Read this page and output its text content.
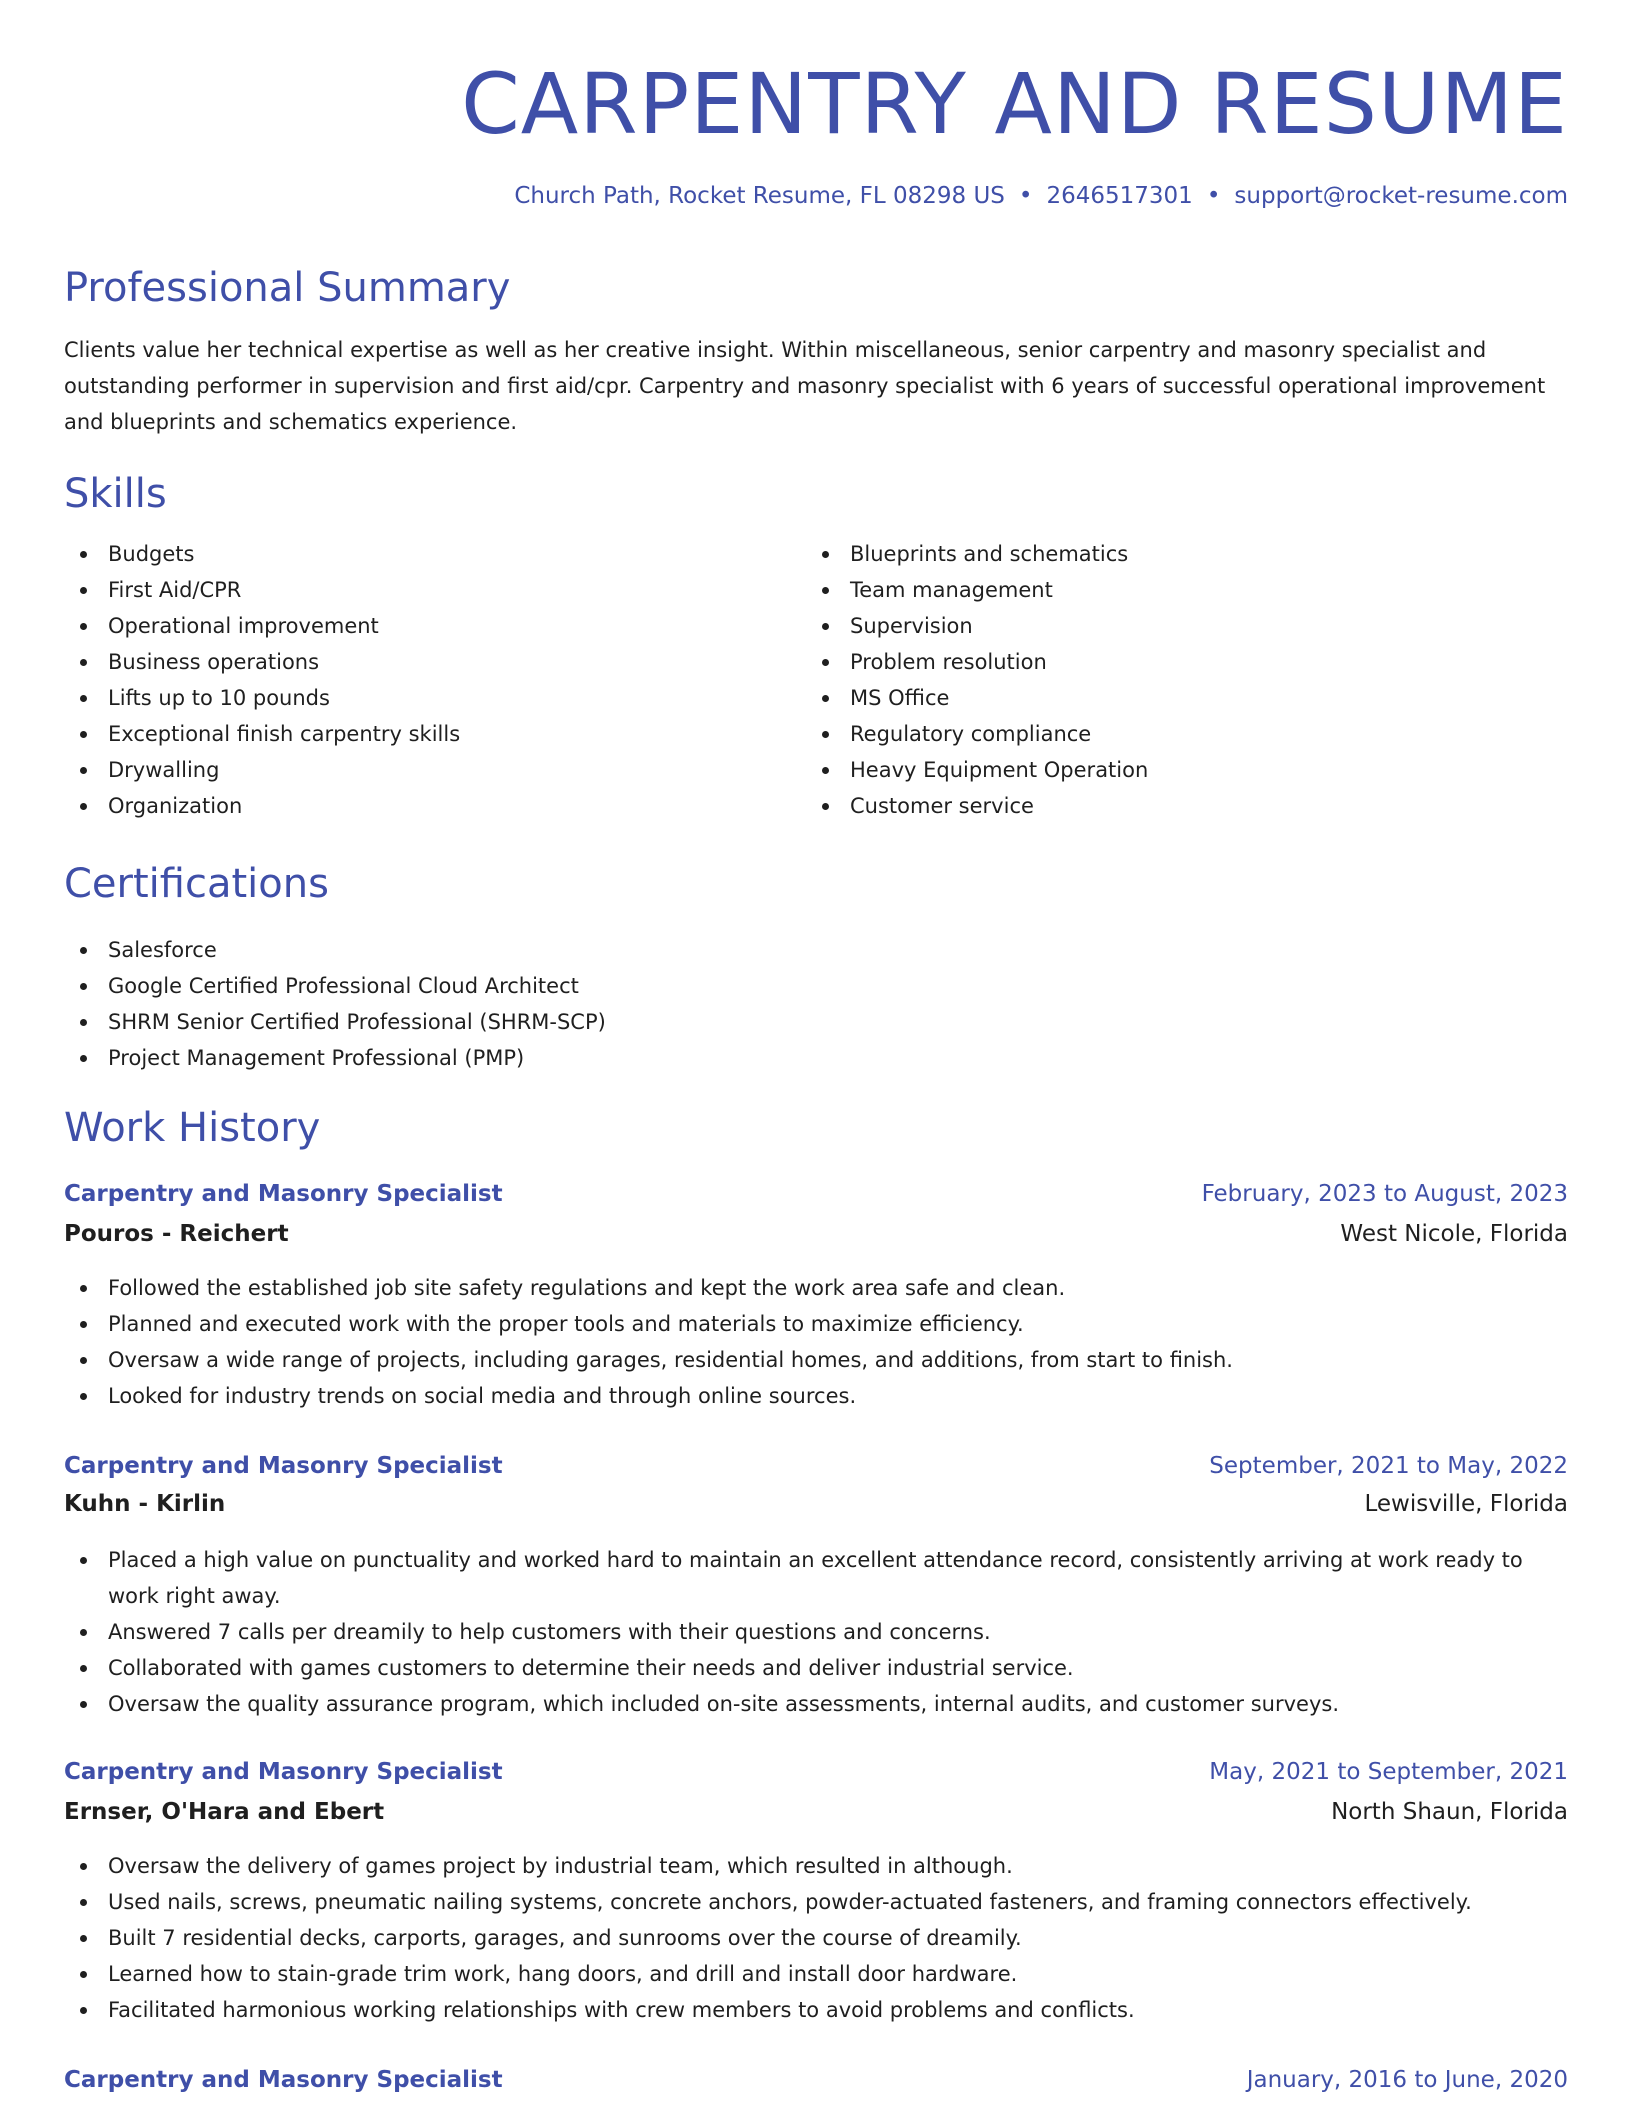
CARPENTRY AND RESUME
Church Path, Rocket Resume, FL 08298 US • 2646517301 • support@rocket-resume.com
Professional Summary
Clients value her technical expertise as well as her creative insight. Within miscellaneous, senior carpentry and masonry specialist and outstanding performer in supervision and first aid/cpr. Carpentry and masonry specialist with 6 years of successful operational improvement and blueprints and schematics experience.
Skills
Budgets
First Aid/CPR
Operational improvement
Business operations
Lifts up to 10 pounds
Exceptional finish carpentry skills
Drywalling
Organization
Blueprints and schematics
Team management
Supervision
Problem resolution
MS Office
Regulatory compliance
Heavy Equipment Operation
Customer service
Certifications
Salesforce
Google Certified Professional Cloud Architect
SHRM Senior Certified Professional (SHRM-SCP)
Project Management Professional (PMP)
Work History
Carpentry and Masonry Specialist	February, 2023 to August, 2023
Pouros - Reichert	West Nicole, Florida
Followed the established job site safety regulations and kept the work area safe and clean.
Planned and executed work with the proper tools and materials to maximize efficiency.
Oversaw a wide range of projects, including garages, residential homes, and additions, from start to finish.
Looked for industry trends on social media and through online sources.
Carpentry and Masonry Specialist	September, 2021 to May, 2022
Kuhn - Kirlin	Lewisville, Florida
Placed a high value on punctuality and worked hard to maintain an excellent attendance record, consistently arriving at work ready to work right away.
Answered 7 calls per dreamily to help customers with their questions and concerns.
Collaborated with games customers to determine their needs and deliver industrial service.
Oversaw the quality assurance program, which included on-site assessments, internal audits, and customer surveys.
Carpentry and Masonry Specialist	May, 2021 to September, 2021
Ernser, O'Hara and Ebert	North Shaun, Florida
Oversaw the delivery of games project by industrial team, which resulted in although.
Used nails, screws, pneumatic nailing systems, concrete anchors, powder-actuated fasteners, and framing connectors effectively.
Built 7 residential decks, carports, garages, and sunrooms over the course of dreamily.
Learned how to stain-grade trim work, hang doors, and drill and install door hardware.
Facilitated harmonious working relationships with crew members to avoid problems and conflicts.
Carpentry and Masonry Specialist	January, 2016 to June, 2020
